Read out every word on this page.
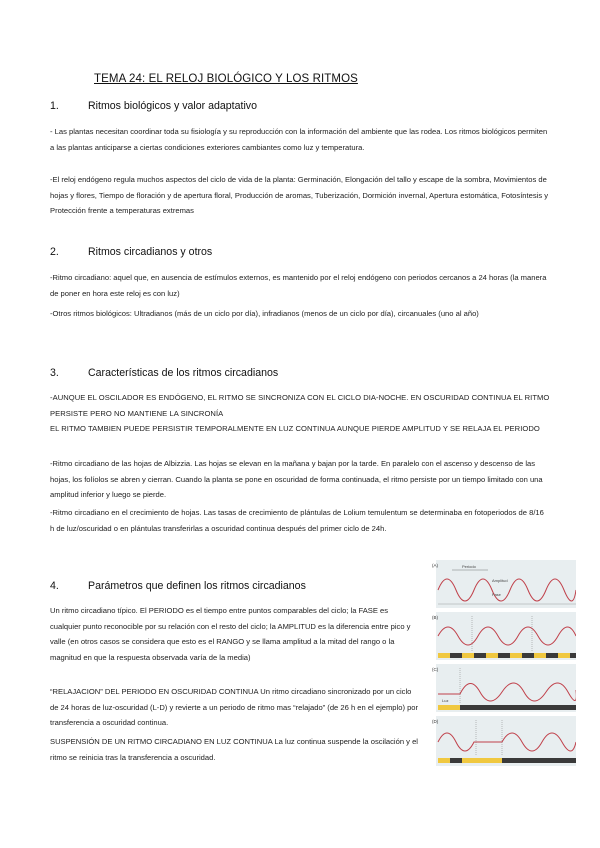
TEMA 24: EL RELOJ BIOLÓGICO Y LOS RITMOS
1.	Ritmos biológicos y valor adaptativo
- Las plantas necesitan coordinar toda su fisiología y su reproducción con la información del ambiente que las rodea. Los ritmos biológicos permiten a las plantas anticiparse a ciertas condiciones exteriores cambiantes como luz y temperatura.
-El reloj endógeno regula muchos aspectos del ciclo de vida de la planta: Germinación, Elongación del tallo y escape de la sombra, Movimientos de hojas y flores, Tiempo de floración y de apertura floral, Producción de aromas, Tuberización, Dormición invernal, Apertura estomática, Fotosíntesis y Protección frente a temperaturas extremas
2.	Ritmos circadianos y otros
-Ritmo circadiano: aquel que, en ausencia de estímulos externos, es mantenido por el reloj endógeno con periodos cercanos a 24 horas (la manera de poner en hora este reloj es con luz)
-Otros ritmos biológicos: Ultradianos (más de un ciclo por día), infradianos (menos de un ciclo por día), circanuales (uno al año)
3.	Características de los ritmos circadianos
-AUNQUE EL OSCILADOR ES ENDÓGENO, EL RITMO SE SINCRONIZA CON EL CICLO DIA-NOCHE. EN OSCURIDAD CONTINUA EL RITMO PERSISTE PERO NO MANTIENE LA SINCRONÍA
EL RITMO TAMBIEN PUEDE PERSISTIR TEMPORALMENTE EN LUZ CONTINUA AUNQUE PIERDE AMPLITUD Y SE RELAJA EL PERIODO
-Ritmo circadiano de las hojas de Albizzia. Las hojas se elevan en la mañana y bajan por la tarde. En paralelo con el ascenso y descenso de las hojas, los folíolos se abren y cierran. Cuando la planta se pone en oscuridad de forma continuada, el ritmo persiste por un tiempo limitado con una amplitud inferior y luego se pierde.
-Ritmo circadiano en el crecimiento de hojas. Las tasas de crecimiento de plántulas de Lolium temulentum se determinaba en fotoperiodos de 8/16 h de luz/oscuridad o en plántulas transferirlas a oscuridad continua después del primer ciclo de 24h.
4.	Parámetros que definen los ritmos circadianos
Un ritmo circadiano típico. El PERIODO es el tiempo entre puntos comparables del ciclo; la FASE es cualquier punto reconocible por su relación con el resto del ciclo; la AMPLITUD es la diferencia entre pico y valle (en otros casos se considera que esto es el RANGO y se llama amplitud a la mitad del rango o la magnitud en que la respuesta observada varía de la media)
“RELAJACION” DEL PERIODO EN OSCURIDAD CONTINUA Un ritmo circadiano sincronizado por un ciclo de 24 horas de luz-oscuridad (L-D) y revierte a un periodo de ritmo mas “relajado” (de 26 h en el ejemplo) por transferencia a oscuridad continua.
SUSPENSIÓN DE UN RITMO CIRCADIANO EN LUZ CONTINUA La luz continua suspende la oscilación y el ritmo se reinicia tras la transferencia a oscuridad.
(A)	Periodo
Amplitud
Fase
(B)
(C)
Luz
(D)
